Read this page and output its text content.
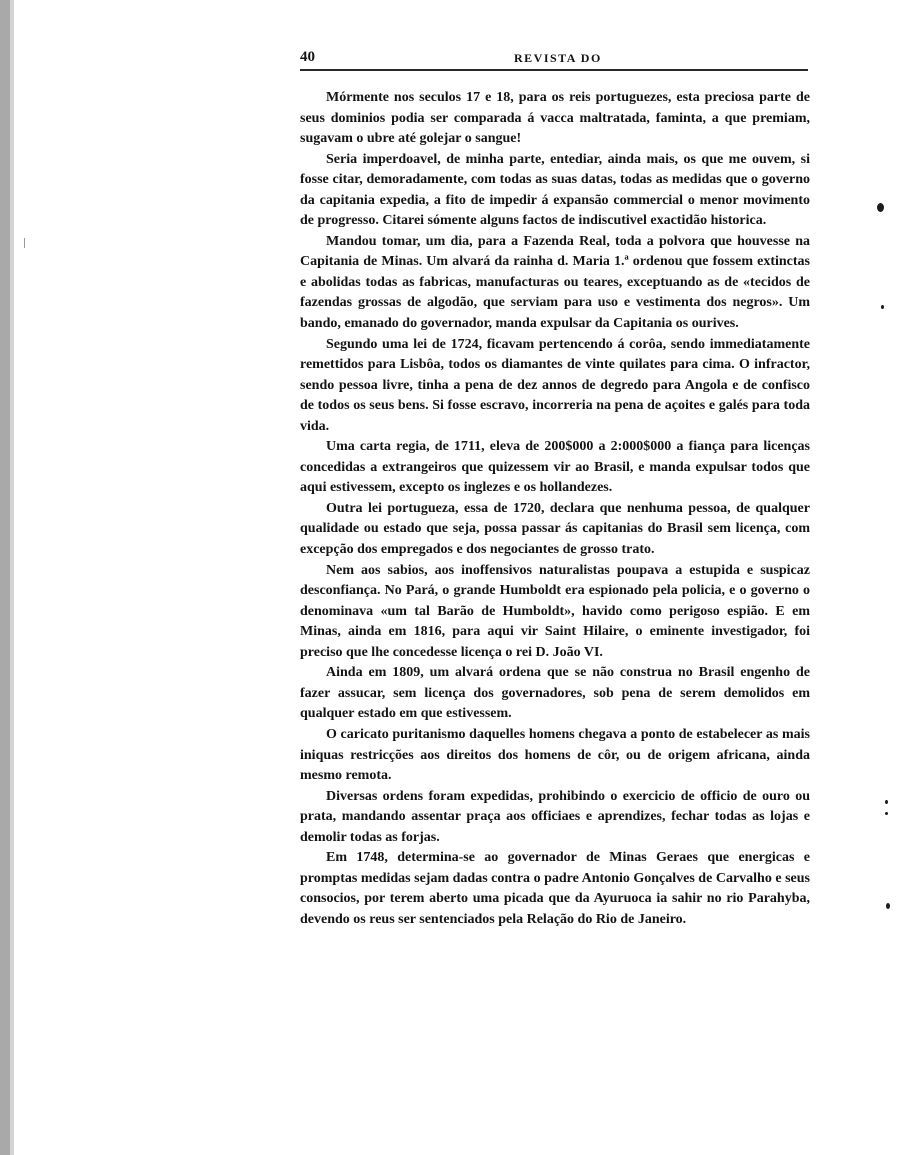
40	REVISTA DO

Mórmente nos seculos 17 e 18, para os reis portuguezes, esta preciosa parte de seus dominios podia ser comparada á vacca maltratada, faminta, a que premiam, sugavam o ubre até golejar o sangue!

Seria imperdoavel, de minha parte, entediar, ainda mais, os que me ouvem, si fosse citar, demoradamente, com todas as suas datas, todas as medidas que o governo da capitania expedia, a fito de impedir á expansão commercial o menor movimento de progresso. Citarei sómente alguns factos de indiscutivel exactidão historica.

Mandou tomar, um dia, para a Fazenda Real, toda a polvora que houvesse na Capitania de Minas. Um alvará da rainha d. Maria 1.ª ordenou que fossem extinctas e abolidas todas as fabricas, manufacturas ou teares, exceptuando as de «tecidos de fazendas grossas de algodão, que serviam para uso e vestimenta dos negros». Um bando, emanado do governador, manda expulsar da Capitania os ourives.

Segundo uma lei de 1724, ficavam pertencendo á corôa, sendo immediatamente remettidos para Lisbôa, todos os diamantes de vinte quilates para cima. O infractor, sendo pessoa livre, tinha a pena de dez annos de degredo para Angola e de confisco de todos os seus bens. Si fosse escravo, incorreria na pena de açoites e galés para toda vida.

Uma carta regia, de 1711, eleva de 200$000 a 2:000$000 a fiança para licenças concedidas a extrangeiros que quizessem vir ao Brasil, e manda expulsar todos que aqui estivessem, excepto os inglezes e os hollandezes.

Outra lei portugueza, essa de 1720, declara que nenhuma pessoa, de qualquer qualidade ou estado que seja, possa passar ás capitanias do Brasil sem licença, com excepção dos empregados e dos negociantes de grosso trato.

Nem aos sabios, aos inoffensivos naturalistas poupava a estupida e suspicaz desconfiança. No Pará, o grande Humboldt era espionado pela policia, e o governo o denominava «um tal Barão de Humboldt», havido como perigoso espião. E em Minas, ainda em 1816, para aqui vir Saint Hilaire, o eminente investigador, foi preciso que lhe concedesse licença o rei D. João VI.

Ainda em 1809, um alvará ordena que se não construa no Brasil engenho de fazer assucar, sem licença dos governadores, sob pena de serem demolidos em qualquer estado em que estivessem.

O caricato puritanismo daquelles homens chegava a ponto de estabelecer as mais iniquas restricções aos direitos dos homens de côr, ou de origem africana, ainda mesmo remota.

Diversas ordens foram expedidas, prohibindo o exercicio de officio de ouro ou prata, mandando assentar praça aos officiaes e aprendizes, fechar todas as lojas e demolir todas as forjas.

Em 1748, determina-se ao governador de Minas Geraes que energicas e promptas medidas sejam dadas contra o padre Antonio Gonçalves de Carvalho e seus consocios, por terem aberto uma picada que da Ayuruoca ia sahir no rio Parahyba, devendo os reus ser sentenciados pela Relação do Rio de Janeiro.
